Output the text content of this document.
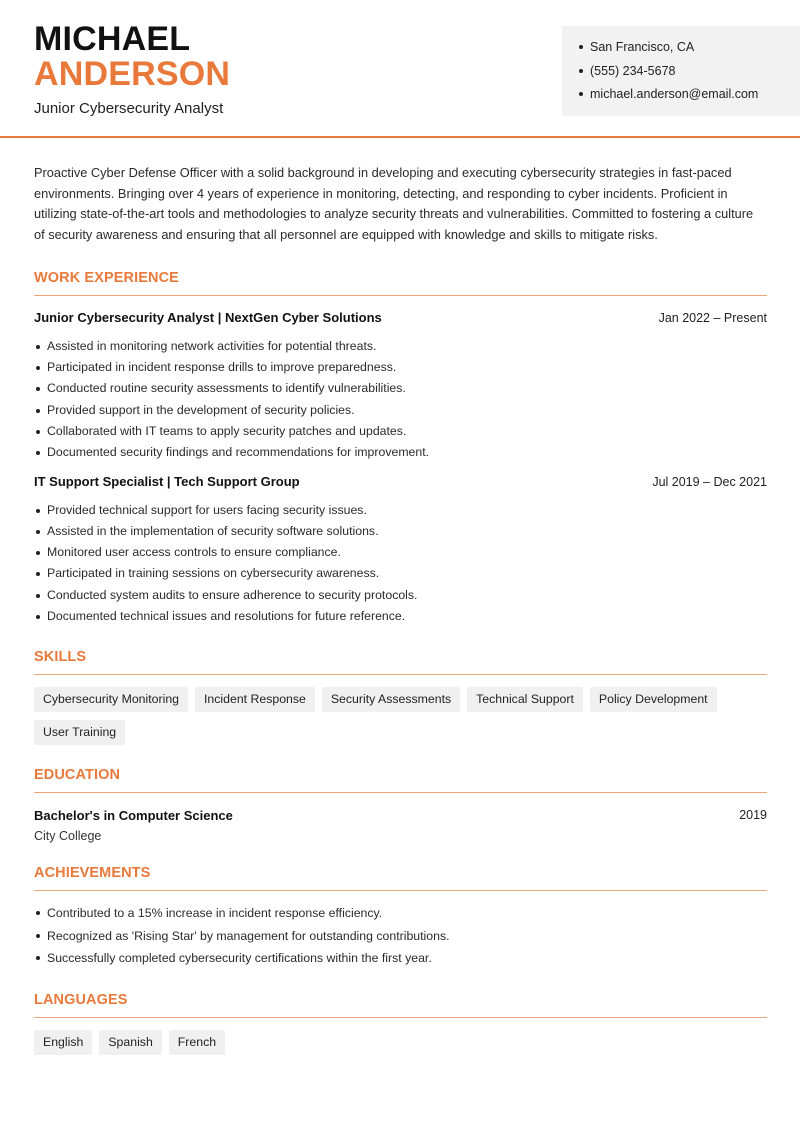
MICHAEL
ANDERSON
Junior Cybersecurity Analyst
San Francisco, CA
(555) 234-5678
michael.anderson@email.com

Proactive Cyber Defense Officer with a solid background in developing and executing cybersecurity strategies in fast-paced environments. Bringing over 4 years of experience in monitoring, detecting, and responding to cyber incidents. Proficient in utilizing state-of-the-art tools and methodologies to analyze security threats and vulnerabilities. Committed to fostering a culture of security awareness and ensuring that all personnel are equipped with knowledge and skills to mitigate risks.

WORK EXPERIENCE
Junior Cybersecurity Analyst | NextGen Cyber Solutions	Jan 2022 – Present
Assisted in monitoring network activities for potential threats.
Participated in incident response drills to improve preparedness.
Conducted routine security assessments to identify vulnerabilities.
Provided support in the development of security policies.
Collaborated with IT teams to apply security patches and updates.
Documented security findings and recommendations for improvement.
IT Support Specialist | Tech Support Group	Jul 2019 – Dec 2021
Provided technical support for users facing security issues.
Assisted in the implementation of security software solutions.
Monitored user access controls to ensure compliance.
Participated in training sessions on cybersecurity awareness.
Conducted system audits to ensure adherence to security protocols.
Documented technical issues and resolutions for future reference.
SKILLS
Cybersecurity Monitoring	Incident Response	Security Assessments	Technical Support	Policy Development
User Training
EDUCATION
Bachelor's in Computer Science	2019
City College
ACHIEVEMENTS
Contributed to a 15% increase in incident response efficiency.
Recognized as 'Rising Star' by management for outstanding contributions.
Successfully completed cybersecurity certifications within the first year.
LANGUAGES
English	Spanish	French
